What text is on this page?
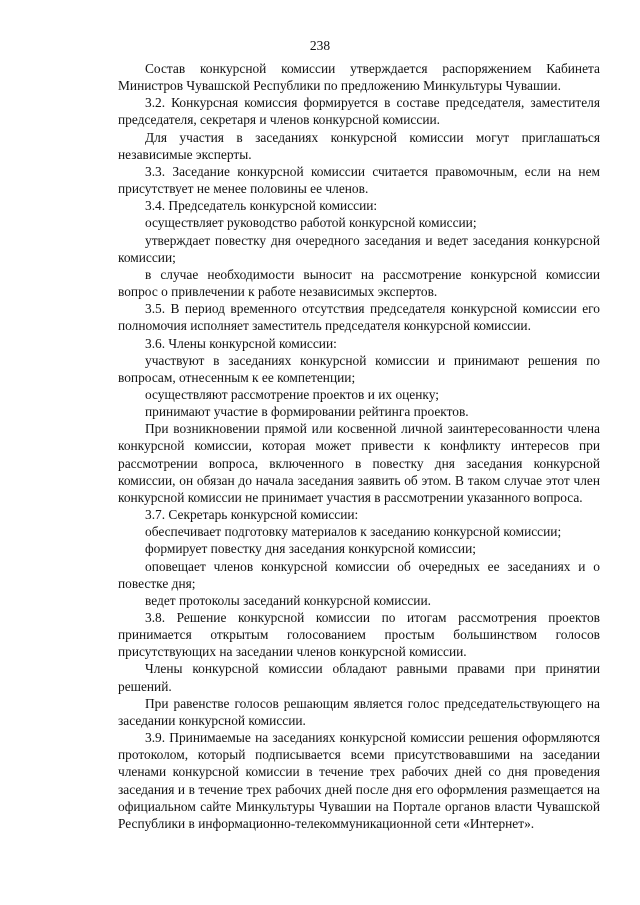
238

Состав конкурсной комиссии утверждается распоряжением Кабинета Министров Чувашской Республики по предложению Минкультуры Чувашии.

3.2. Конкурсная комиссия формируется в составе председателя, заместителя председателя, секретаря и членов конкурсной комиссии.

Для участия в заседаниях конкурсной комиссии могут приглашаться независимые эксперты.

3.3. Заседание конкурсной комиссии считается правомочным, если на нем присутствует не менее половины ее членов.

3.4. Председатель конкурсной комиссии:

осуществляет руководство работой конкурсной комиссии;

утверждает повестку дня очередного заседания и ведет заседания конкурсной комиссии;

в случае необходимости выносит на рассмотрение конкурсной комиссии вопрос о привлечении к работе независимых экспертов.

3.5. В период временного отсутствия председателя конкурсной комиссии его полномочия исполняет заместитель председателя конкурсной комиссии.

3.6. Члены конкурсной комиссии:

участвуют в заседаниях конкурсной комиссии и принимают решения по вопросам, отнесенным к ее компетенции;

осуществляют рассмотрение проектов и их оценку;

принимают участие в формировании рейтинга проектов.

При возникновении прямой или косвенной личной заинтересованности члена конкурсной комиссии, которая может привести к конфликту интересов при рассмотрении вопроса, включенного в повестку дня заседания конкурсной комиссии, он обязан до начала заседания заявить об этом. В таком случае этот член конкурсной комиссии не принимает участия в рассмотрении указанного вопроса.

3.7. Секретарь конкурсной комиссии:

обеспечивает подготовку материалов к заседанию конкурсной комиссии;

формирует повестку дня заседания конкурсной комиссии;

оповещает членов конкурсной комиссии об очередных ее заседаниях и о повестке дня;

ведет протоколы заседаний конкурсной комиссии.

3.8. Решение конкурсной комиссии по итогам рассмотрения проектов принимается открытым голосованием простым большинством голосов присутствующих на заседании членов конкурсной комиссии.

Члены конкурсной комиссии обладают равными правами при принятии решений.

При равенстве голосов решающим является голос председательствующего на заседании конкурсной комиссии.

3.9. Принимаемые на заседаниях конкурсной комиссии решения оформляются протоколом, который подписывается всеми присутствовавшими на заседании членами конкурсной комиссии в течение трех рабочих дней со дня проведения заседания и в течение трех рабочих дней после дня его оформления размещается на официальном сайте Минкультуры Чувашии на Портале органов власти Чувашской Республики в информационно-телекоммуникационной сети «Интернет».
